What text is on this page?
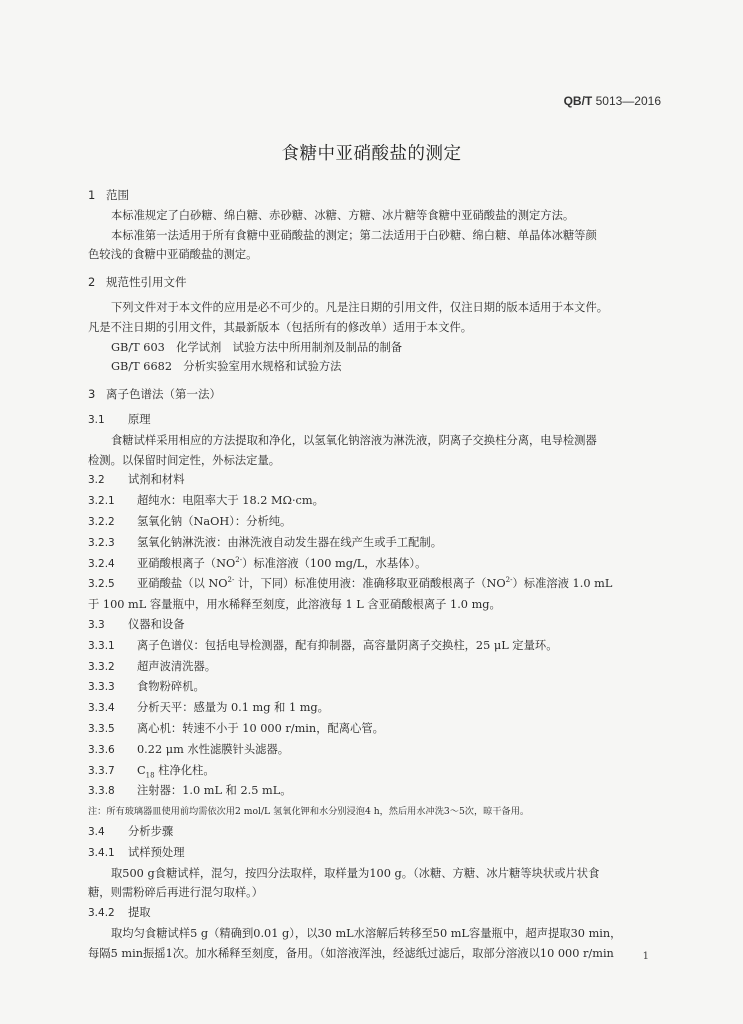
QB/T 5013—2016
食糖中亚硝酸盐的测定
1 范围
本标准规定了白砂糖、绵白糖、赤砂糖、冰糖、方糖、冰片糖等食糖中亚硝酸盐的测定方法。
本标准第一法适用于所有食糖中亚硝酸盐的测定；第二法适用于白砂糖、绵白糖、单晶体冰糖等颜
色较浅的食糖中亚硝酸盐的测定。
2 规范性引用文件
下列文件对于本文件的应用是必不可少的。凡是注日期的引用文件，仅注日期的版本适用于本文件。
凡是不注日期的引用文件，其最新版本（包括所有的修改单）适用于本文件。
GB/T 603　化学试剂　试验方法中所用制剂及制品的制备
GB/T 6682　分析实验室用水规格和试验方法
3 离子色谱法（第一法）
3.1 原理
食糖试样采用相应的方法提取和净化，以氢氧化钠溶液为淋洗液，阴离子交换柱分离，电导检测器
检测。以保留时间定性，外标法定量。
3.2 试剂和材料
3.2.1 超纯水：电阻率大于 18.2 MΩ·cm。
3.2.2 氢氧化钠（NaOH）：分析纯。
3.2.3 氢氧化钠淋洗液：由淋洗液自动发生器在线产生或手工配制。
3.2.4 亚硝酸根离子$(NO^{2-})$标准溶液（100 mg/L，水基体）。
3.2.5 亚硝酸盐（以 $NO^{2-}$ 计，下同）标准使用液：准确移取亚硝酸根离子$(NO^{2-})$标准溶液 1.0 mL
于 100 mL 容量瓶中，用水稀释至刻度，此溶液每 1 L 含亚硝酸根离子 1.0 mg。
3.3 仪器和设备
3.3.1 离子色谱仪：包括电导检测器，配有抑制器，高容量阴离子交换柱，25 μL 定量环。
3.3.2 超声波清洗器。
3.3.3 食物粉碎机。
3.3.4 分析天平：感量为 0.1 mg 和 1 mg。
3.3.5 离心机：转速不小于 10 000 r/min，配离心管。
3.3.6 0.22 μm 水性滤膜针头滤器。
3.3.7 $C_{18}$ 柱净化柱。
3.3.8 注射器：1.0 mL 和 2.5 mL。
注：所有玻璃器皿使用前均需依次用2 mol/L 氢氧化钾和水分别浸泡4 h，然后用水冲洗3～5次，晾干备用。
3.4 分析步骤
3.4.1 试样预处理
取500 g食糖试样，混匀，按四分法取样，取样量为100 g。（冰糖、方糖、冰片糖等块状或片状食
糖，则需粉碎后再进行混匀取样。）
3.4.2 提取
取均匀食糖试样5 g（精确到0.01 g），以30 mL水溶解后转移至50 mL容量瓶中，超声提取30 min，
每隔5 min振摇1次。加水稀释至刻度，备用。（如溶液浑浊，经滤纸过滤后，取部分溶液以10 000 r/min	1
